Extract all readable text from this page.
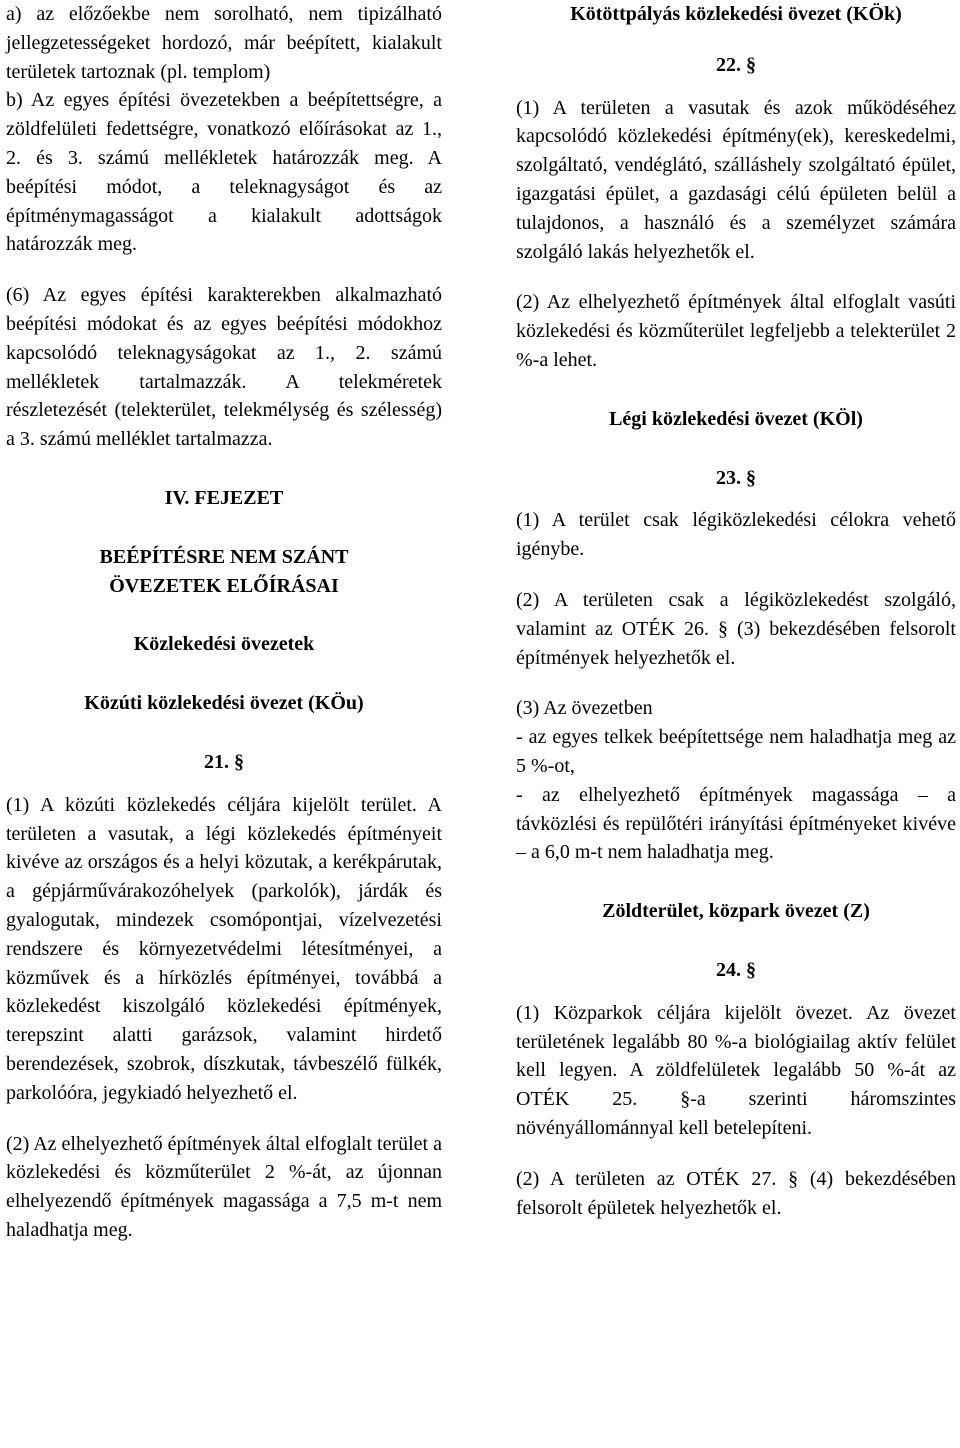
a) az előzőekbe nem sorolható, nem tipizálható jellegzetességeket hordozó, már beépített, kialakult területek tartoznak (pl. templom)
b) Az egyes építési övezetekben a beépítettségre, a zöldfelületi fedettségre, vonatkozó előírásokat az 1., 2. és 3. számú mellékletek határozzák meg. A beépítési módot, a teleknagyságot és az építménymagasságot a kialakult adottságok határozzák meg.

(6) Az egyes építési karakterekben alkalmazható beépítési módokat és az egyes beépítési módokhoz kapcsolódó teleknagyságokat az 1., 2. számú mellékletek tartalmazzák. A telekméretek részletezését (telekterület, telekmélység és szélesség) a 3. számú melléklet tartalmazza.

IV. FEJEZET

BEÉPÍTÉSRE NEM SZÁNT
ÖVEZETEK ELŐÍRÁSAI

Közlekedési övezetek

Közúti közlekedési övezet (KÖu)

21. §

(1) A közúti közlekedés céljára kijelölt terület. A területen a vasutak, a légi közlekedés építményeit kivéve az országos és a helyi közutak, a kerékpárutak, a gépjárművárakozóhelyek (parkolók), járdák és gyalogutak, mindezek csomópontjai, vízelvezetési rendszere és környezetvédelmi létesítményei, a közművek és a hírközlés építményei, továbbá a közlekedést kiszolgáló közlekedési építmények, terepszint alatti garázsok, valamint hirdető berendezések, szobrok, díszkutak, távbeszélő fülkék, parkolóóra, jegykiadó helyezhető el.

(2) Az elhelyezhető építmények által elfoglalt terület a közlekedési és közműterület 2 %-át, az újonnan elhelyezendő építmények magassága a 7,5 m-t nem haladhatja meg.

Kötöttpályás közlekedési övezet (KÖk)

22. §

(1) A területen a vasutak és azok működéséhez kapcsolódó közlekedési építmény(ek), kereskedelmi, szolgáltató, vendéglátó, szálláshely szolgáltató épület, igazgatási épület, a gazdasági célú épületen belül a tulajdonos, a használó és a személyzet számára szolgáló lakás helyezhetők el.

(2) Az elhelyezhető építmények által elfoglalt vasúti közlekedési és közműterület legfeljebb a telekterület 2 %-a lehet.

Légi közlekedési övezet (KÖl)

23. §

(1) A terület csak légiközlekedési célokra vehető igénybe.

(2) A területen csak a légiközlekedést szolgáló, valamint az OTÉK 26. § (3) bekezdésében felsorolt építmények helyezhetők el.

(3) Az övezetben
- az egyes telkek beépítettsége nem haladhatja meg az 5 %-ot,
- az elhelyezhető építmények magassága – a távközlési és repülőtéri irányítási építményeket kivéve – a 6,0 m-t nem haladhatja meg.

Zöldterület, közpark övezet (Z)

24. §

(1) Közparkok céljára kijelölt övezet. Az övezet területének legalább 80 %-a biológiailag aktív felület kell legyen. A zöldfelületek legalább 50 %-át az OTÉK 25. §-a szerinti háromszintes növényállománnyal kell betelepíteni.

(2) A területen az OTÉK 27. § (4) bekezdésében felsorolt épületek helyezhetők el.
